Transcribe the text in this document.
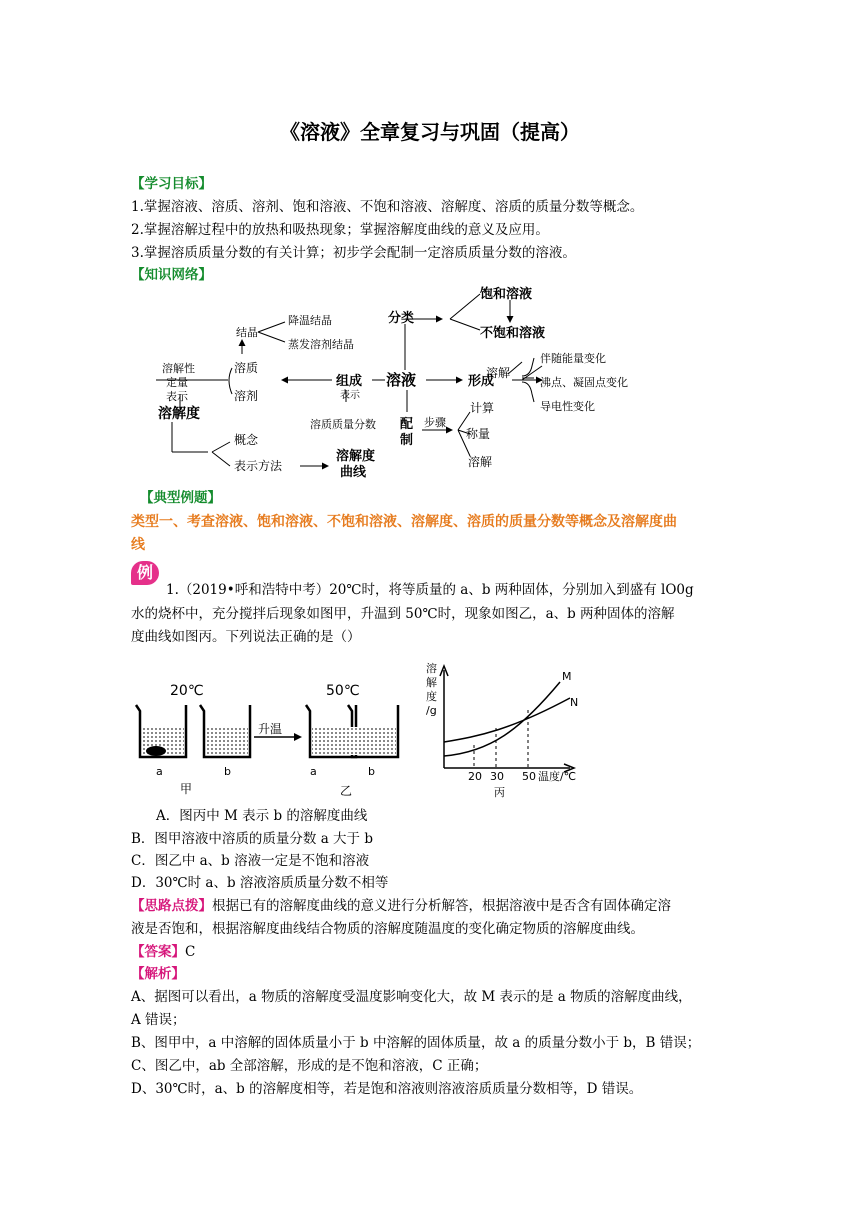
《溶液》全章复习与巩固（提高）
【学习目标】
1.掌握溶液、溶质、溶剂、饱和溶液、不饱和溶液、溶解度、溶质的质量分数等概念。
2.掌握溶解过程中的放热和吸热现象；掌握溶解度曲线的意义及应用。
3.掌握溶质质量分数的有关计算；初步学会配制一定溶质质量分数的溶液。
【知识网络】
分类
饱和溶液
不饱和溶液
溶液
组成	形成
溶解
伴随能量变化
沸点、凝固点变化
导电性变化
溶质
溶剂
结晶
降温结晶
蒸发溶剂结晶
溶解性
定量
表示
溶解度
表示
溶质质量分数 配
制
步骤
计算
称量
溶解
概念
表示方法
溶解度
曲线
【典型例题】
类型一、考查溶液、饱和溶液、不饱和溶液、溶解度、溶质的质量分数等概念及溶解度曲
线
例
1.（2019•呼和浩特中考）20℃时，将等质量的 a、b 两种固体，分别加入到盛有 lO0g
水的烧杯中，充分搅拌后现象如图甲，升温到 50℃时，现象如图乙，a、b 两种固体的溶解
度曲线如图丙。下列说法正确的是（）
20℃	50℃
升温
a	b	a	b
甲	乙
溶
解
度
/g
M
N
20 30 50 温度/℃
丙
A．图丙中 M 表示 b 的溶解度曲线
B．图甲溶液中溶质的质量分数 a 大于 b
C．图乙中 a、b 溶液一定是不饱和溶液
D．30℃时 a、b 溶液溶质质量分数不相等
【思路点拨】根据已有的溶解度曲线的意义进行分析解答，根据溶液中是否含有固体确定溶
液是否饱和，根据溶解度曲线结合物质的溶解度随温度的变化确定物质的溶解度曲线。
【答案】C
【解析】
A、据图可以看出，a 物质的溶解度受温度影响变化大，故 M 表示的是 a 物质的溶解度曲线，
A 错误；
B、图甲中，a 中溶解的固体质量小于 b 中溶解的固体质量，故 a 的质量分数小于 b，B 错误；
C、图乙中，ab 全部溶解，形成的是不饱和溶液，C 正确；
D、30℃时，a、b 的溶解度相等，若是饱和溶液则溶液溶质质量分数相等，D 错误。
